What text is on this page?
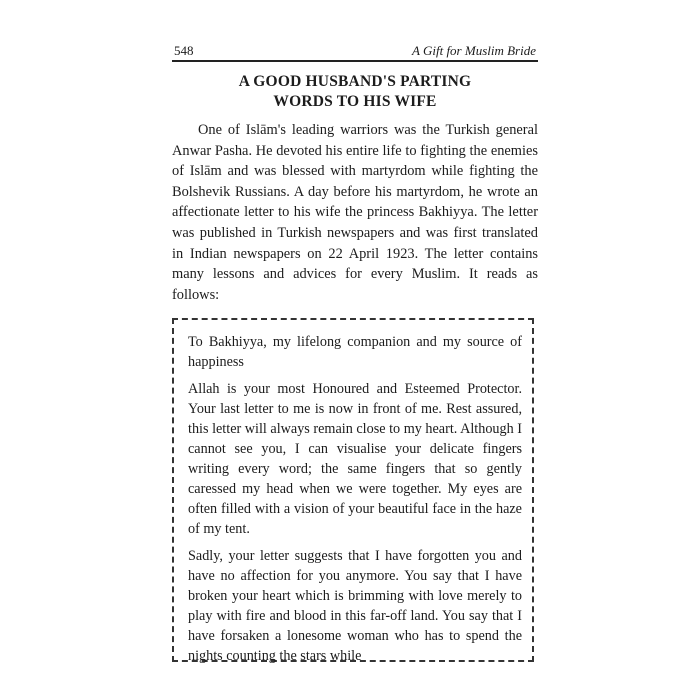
548	A Gift for Muslim Bride
A GOOD HUSBAND'S PARTING
WORDS TO HIS WIFE

One of Islām's leading warriors was the Turkish general Anwar Pasha. He devoted his entire life to fighting the enemies of Islām and was blessed with martyrdom while fighting the Bolshevik Russians. A day before his martyrdom, he wrote an affectionate letter to his wife the princess Bakhiyya. The letter was published in Turkish newspapers and was first translated in Indian newspapers on 22 April 1923. The letter contains many lessons and advices for every Muslim. It reads as follows:

To Bakhiyya, my lifelong companion and my source of happiness

Allah is your most Honoured and Esteemed Protector. Your last letter to me is now in front of me. Rest assured, this letter will always remain close to my heart. Although I cannot see you, I can visualise your delicate fingers writing every word; the same fingers that so gently caressed my head when we were together. My eyes are often filled with a vision of your beautiful face in the haze of my tent.

Sadly, your letter suggests that I have forgotten you and have no affection for you anymore. You say that I have broken your heart which is brimming with love merely to play with fire and blood in this far-off land. You say that I have forsaken a lonesome woman who has to spend the nights counting the stars while
